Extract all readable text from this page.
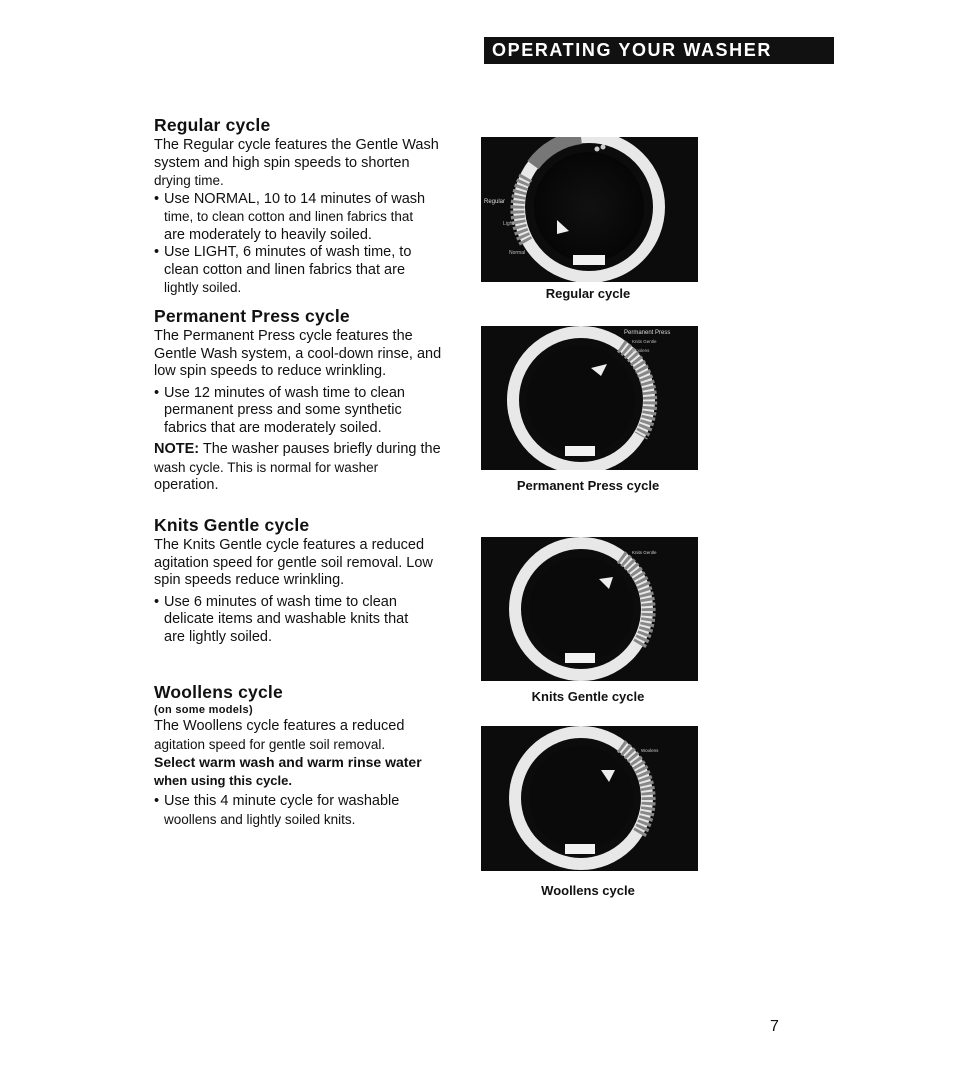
OPERATING YOUR WASHER
Regular cycle

The Regular cycle features the Gentle Wash
system and high spin speeds to shorten
drying time.

• Use NORMAL, 10 to 14 minutes of wash
time, to clean cotton and linen fabrics that
are moderately to heavily soiled.
• Use LIGHT, 6 minutes of wash time, to
clean cotton and linen fabrics that are
lightly soiled.
Permanent Press cycle

The Permanent Press cycle features the
Gentle Wash system, a cool-down rinse, and
low spin speeds to reduce wrinkling.

• Use 12 minutes of wash time to clean
permanent press and some synthetic
fabrics that are moderately soiled.

NOTE: The washer pauses briefly during the
wash cycle. This is normal for washer
operation.

Knits Gentle cycle

The Knits Gentle cycle features a reduced
agitation speed for gentle soil removal. Low
spin speeds reduce wrinkling.

• Use 6 minutes of wash time to clean
delicate items and washable knits that
are lightly soiled.
Woollens cycle
(on some models)

The Woollens cycle features a reduced
agitation speed for gentle soil removal.

Select warm wash and warm rinse water
when using this cycle.

• Use this 4 minute cycle for washable
woollens and lightly soiled knits.
Regular
Light
Normal
Regular cycle
Permanent Press
Knits Gentle
Woolens
Permanent Press cycle
Knits Gentle
Knits Gentle cycle
Woolens
Woollens cycle
7
